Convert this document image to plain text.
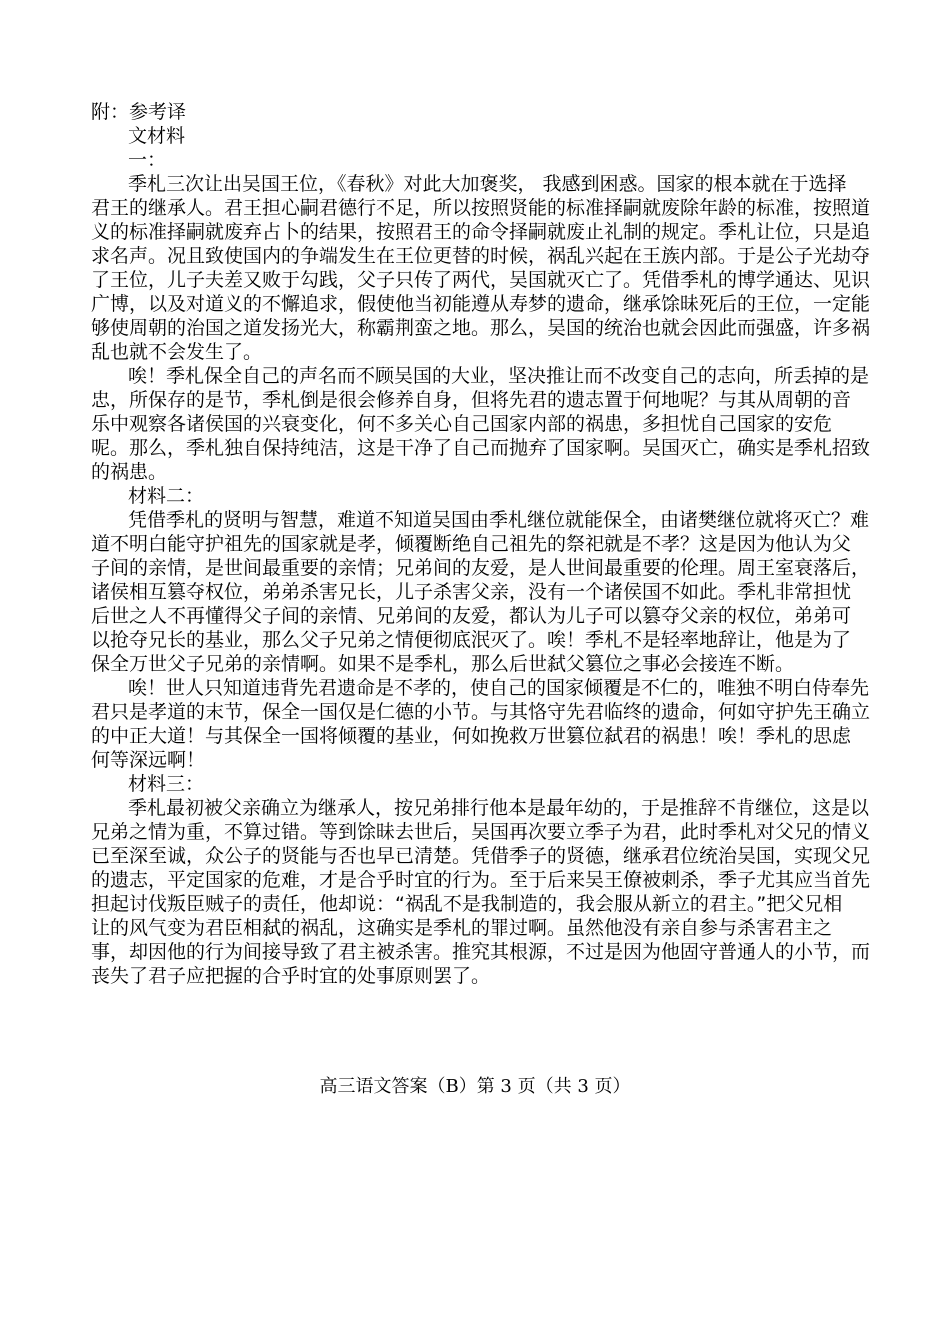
附：参考译
文材料
一：
季札三次让出吴国王位，《春秋》对此大加褒奖， 我感到困惑。国家的根本就在于选择
君王的继承人。君王担心嗣君德行不足，所以按照贤能的标准择嗣就废除年龄的标准，按照道
义的标准择嗣就废弃占卜的结果，按照君王的命令择嗣就废止礼制的规定。季札让位，只是追
求名声。况且致使国内的争端发生在王位更替的时候，祸乱兴起在王族内部。于是公子光劫夺
了王位，儿子夫差又败于勾践，父子只传了两代，吴国就灭亡了。凭借季札的博学通达、见识
广博，以及对道义的不懈追求，假使他当初能遵从寿梦的遗命，继承馀昧死后的王位，一定能
够使周朝的治国之道发扬光大，称霸荆蛮之地。那么，吴国的统治也就会因此而强盛，许多祸
乱也就不会发生了。
唉！季札保全自己的声名而不顾吴国的大业，坚决推让而不改变自己的志向，所丢掉的是
忠，所保存的是节，季札倒是很会修养自身，但将先君的遗志置于何地呢？与其从周朝的音
乐中观察各诸侯国的兴衰变化，何不多关心自己国家内部的祸患，多担忧自己国家的安危
呢。那么，季札独自保持纯洁，这是干净了自己而抛弃了国家啊。吴国灭亡，确实是季札招致
的祸患。
材料二：
凭借季札的贤明与智慧，难道不知道吴国由季札继位就能保全，由诸樊继位就将灭亡？难
道不明白能守护祖先的国家就是孝，倾覆断绝自己祖先的祭祀就是不孝？这是因为他认为父
子间的亲情，是世间最重要的亲情；兄弟间的友爱，是人世间最重要的伦理。周王室衰落后，
诸侯相互篡夺权位，弟弟杀害兄长，儿子杀害父亲，没有一个诸侯国不如此。季札非常担忧
后世之人不再懂得父子间的亲情、兄弟间的友爱，都认为儿子可以篡夺父亲的权位，弟弟可
以抢夺兄长的基业，那么父子兄弟之情便彻底泯灭了。唉！季札不是轻率地辞让，他是为了
保全万世父子兄弟的亲情啊。如果不是季札，那么后世弑父篡位之事必会接连不断。
唉！世人只知道违背先君遗命是不孝的，使自己的国家倾覆是不仁的，唯独不明白侍奉先
君只是孝道的末节，保全一国仅是仁德的小节。与其恪守先君临终的遗命，何如守护先王确立
的中正大道！与其保全一国将倾覆的基业，何如挽救万世篡位弑君的祸患！唉！季札的思虑
何等深远啊！
材料三：
季札最初被父亲确立为继承人，按兄弟排行他本是最年幼的，于是推辞不肯继位，这是以
兄弟之情为重，不算过错。等到馀昧去世后，吴国再次要立季子为君，此时季札对父兄的情义
已至深至诚，众公子的贤能与否也早已清楚。凭借季子的贤德，继承君位统治吴国，实现父兄
的遗志，平定国家的危难，才是合乎时宜的行为。至于后来吴王僚被刺杀，季子尤其应当首先
担起讨伐叛臣贼子的责任，他却说：“祸乱不是我制造的，我会服从新立的君主。”把父兄相
让的风气变为君臣相弑的祸乱，这确实是季札的罪过啊。虽然他没有亲自参与杀害君主之
事，却因他的行为间接导致了君主被杀害。推究其根源，不过是因为他固守普通人的小节，而
丧失了君子应把握的合乎时宜的处事原则罢了。
高三语文答案（B）第 3 页（共 3 页）
